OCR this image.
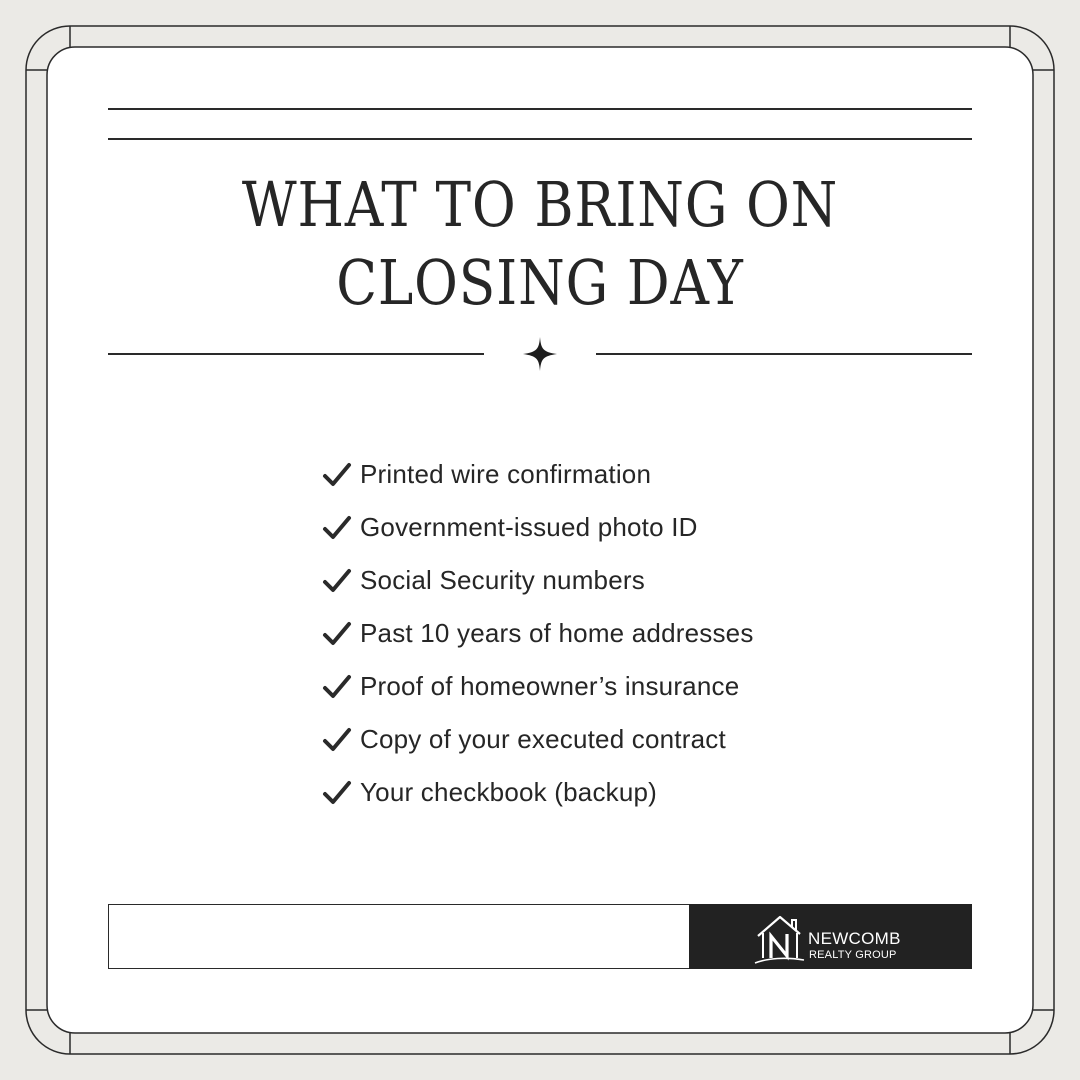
WHAT TO BRING ON
CLOSING DAY
Printed wire confirmation
Government-issued photo ID
Social Security numbers
Past 10 years of home addresses
Proof of homeowner’s insurance
Copy of your executed contract
Your checkbook (backup)
NEWCOMB
REALTY GROUP
